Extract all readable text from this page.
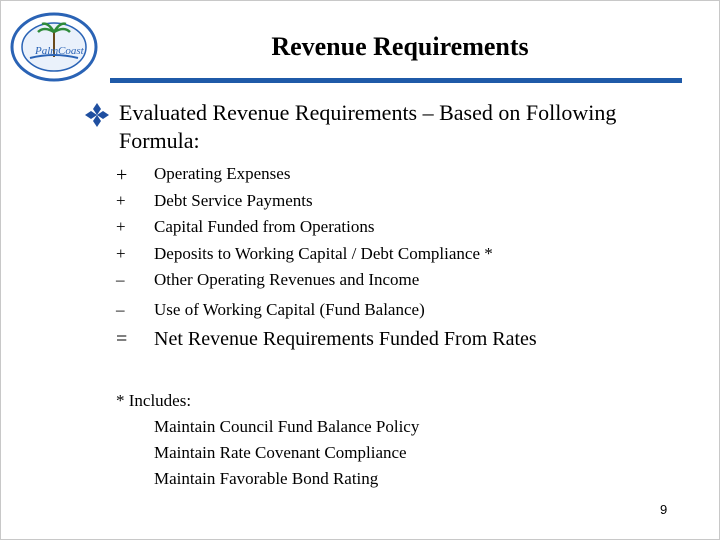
Palm Coast	Revenue Requirements
Evaluated Revenue Requirements – Based on Following
Formula:
+	Operating Expenses
+	Debt Service Payments
+	Capital Funded from Operations
+	Deposits to Working Capital / Debt Compliance *
–	Other Operating Revenues and Income
–	Use of Working Capital (Fund Balance)
=	Net Revenue Requirements Funded From Rates
* Includes:
Maintain Council Fund Balance Policy
Maintain Rate Covenant Compliance
Maintain Favorable Bond Rating
9
